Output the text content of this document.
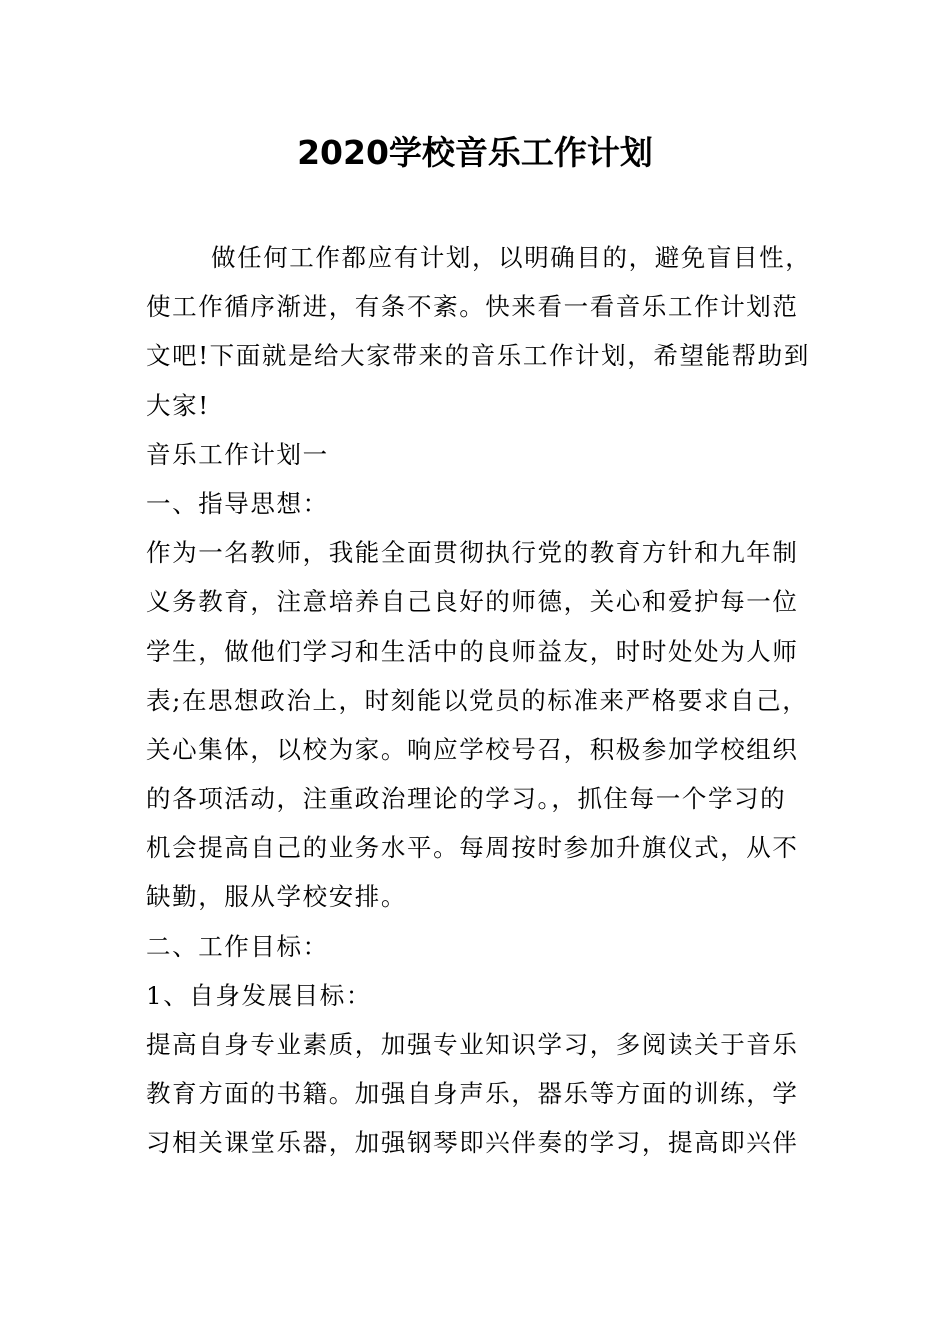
2020学校音乐工作计划
做任何工作都应有计划，以明确目的，避免盲目性，
使工作循序渐进，有条不紊。快来看一看音乐工作计划范
文吧!下面就是给大家带来的音乐工作计划，希望能帮助到
大家!
音乐工作计划一
一、指导思想：
作为一名教师，我能全面贯彻执行党的教育方针和九年制
义务教育，注意培养自己良好的师德，关心和爱护每一位
学生，做他们学习和生活中的良师益友，时时处处为人师
表;在思想政治上，时刻能以党员的标准来严格要求自己，
关心集体，以校为家。响应学校号召，积极参加学校组织
的各项活动，注重政治理论的学习。，抓住每一个学习的
机会提高自己的业务水平。每周按时参加升旗仪式，从不
缺勤，服从学校安排。
二、工作目标：
1、自身发展目标：
提高自身专业素质，加强专业知识学习，多阅读关于音乐
教育方面的书籍。加强自身声乐，器乐等方面的训练，学
习相关课堂乐器，加强钢琴即兴伴奏的学习，提高即兴伴
